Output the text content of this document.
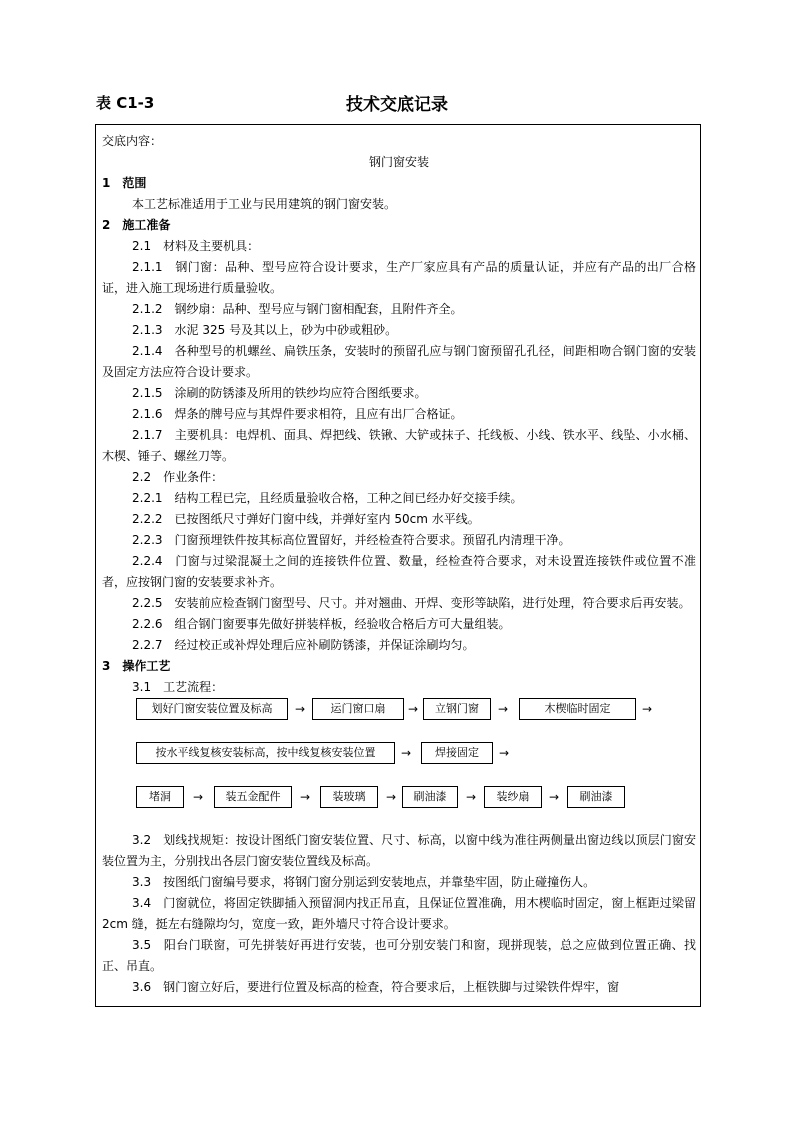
表 C1-3	技术交底记录
交底内容：
钢门窗安装
1　 范围
本工艺标准适用于工业与民用建筑的钢门窗安装。
2　 施工准备
2.1　材料及主要机具：
2.1.1　钢门窗：品种、型号应符合设计要求，生产厂家应具有产品的质量认证，并应有产品的出厂合格证，进入施工现场进行质量验收。
2.1.2　钢纱扇：品种、型号应与钢门窗相配套，且附件齐全。
2.1.3　水泥 325 号及其以上，砂为中砂或粗砂。
2.1.4　各种型号的机螺丝、扁铁压条，安装时的预留孔应与钢门窗预留孔孔径，间距相吻合钢门窗的安装及固定方法应符合设计要求。
2.1.5　涂刷的防锈漆及所用的铁纱均应符合图纸要求。
2.1.6　焊条的牌号应与其焊件要求相符，且应有出厂合格证。
2.1.7　主要机具：电焊机、面具、焊把线、铁锹、大铲或抹子、托线板、小线、铁水平、线坠、小水桶、木楔、锤子、螺丝刀等。
2.2　作业条件：
2.2.1　结构工程已完，且经质量验收合格，工种之间已经办好交接手续。
2.2.2　已按图纸尺寸弹好门窗中线，并弹好室内 50cm 水平线。
2.2.3　门窗预埋铁件按其标高位置留好，并经检查符合要求。预留孔内清理干净。
2.2.4　门窗与过梁混凝土之间的连接铁件位置、数量，经检查符合要求，对未设置连接铁件或位置不准者，应按钢门窗的安装要求补齐。
2.2.5　安装前应检查钢门窗型号、尺寸。并对翘曲、开焊、变形等缺陷，进行处理，符合要求后再安装。
2.2.6　组合钢门窗要事先做好拼装样板，经验收合格后方可大量组装。
2.2.7　经过校正或补焊处理后应补刷防锈漆，并保证涂刷均匀。
3　 操作工艺
3.1　工艺流程：
划好门窗安装位置及标高	→	运门窗口扇	→	立钢门窗	→	木楔临时固定	→
按水平线复核安装标高，按中线复核安装位置	→	焊接固定	→
堵洞	→	装五金配件	→	装玻璃	→	刷油漆	→	装纱扇	→	刷油漆
3.2　划线找规矩：按设计图纸门窗安装位置、尺寸、标高，以窗中线为准往两侧量出窗边线以顶层门窗安装位置为主，分别找出各层门窗安装位置线及标高。
3.3　按图纸门窗编号要求，将钢门窗分别运到安装地点，并靠垫牢固，防止碰撞伤人。
3.4　门窗就位，将固定铁脚插入预留洞内找正吊直，且保证位置准确，用木楔临时固定，窗上框距过梁留 2cm 缝，挺左右缝隙均匀，宽度一致，距外墙尺寸符合设计要求。
3.5　阳台门联窗，可先拼装好再进行安装，也可分别安装门和窗，现拼现装，总之应做到位置正确、找正、吊直。
3.6　钢门窗立好后，要进行位置及标高的检查，符合要求后，上框铁脚与过梁铁件焊牢，窗
